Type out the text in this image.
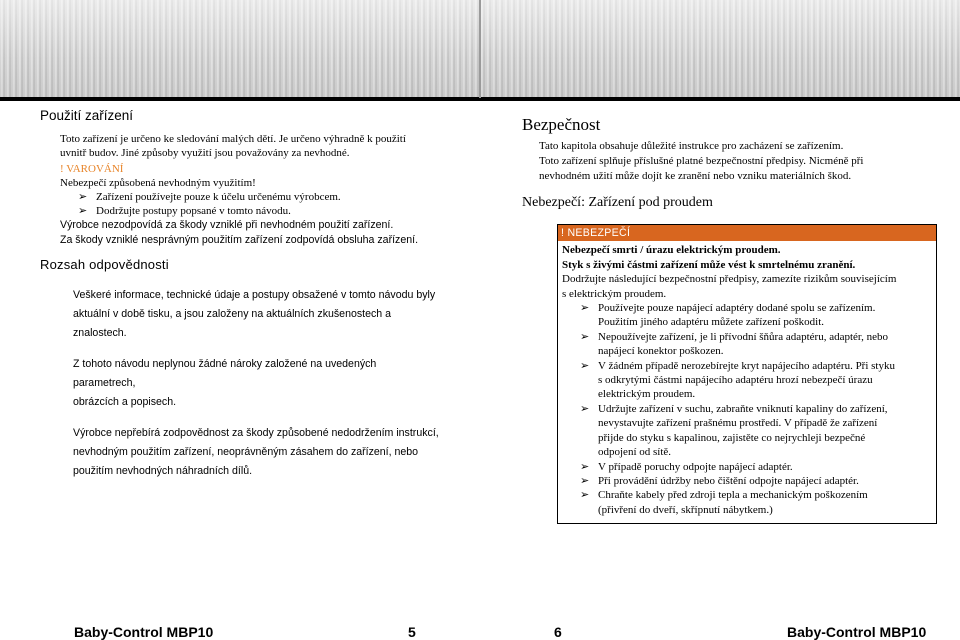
Použití zařízení
Toto zařízení je určeno ke sledování malých dětí. Je určeno výhradně k použití
uvnitř budov. Jiné způsoby využití jsou považovány za nevhodné.
! VAROVÁNÍ
Nebezpečí způsobená nevhodným využitím!
➢ Zařízení používejte pouze k účelu určenému výrobcem.
➢ Dodržujte postupy popsané v tomto návodu.
Výrobce nezodpovídá za škody vzniklé při nevhodném použití zařízení.
Za škody vzniklé nesprávným použitím zařízení zodpovídá obsluha zařízení.
Rozsah odpovědnosti
Veškeré informace, technické údaje a postupy obsažené v tomto návodu byly
aktuální v době tisku, a jsou založeny na aktuálních zkušenostech a znalostech.
Z tohoto návodu neplynou žádné nároky založené na uvedených parametrech,
obrázcích a popisech.
Výrobce nepřebírá zodpovědnost za škody způsobené nedodržením instrukcí,
nevhodným použitím zařízení, neoprávněným zásahem do zařízení, nebo
použitím nevhodných náhradních dílů.
Bezpečnost
Tato kapitola obsahuje důležité instrukce pro zacházení se zařízením.
Toto zařízení splňuje příslušné platné bezpečnostní předpisy. Nicméně při
nevhodném užití může dojít ke zranění nebo vzniku materiálních škod.
Nebezpečí: Zařízení pod proudem
! NEBEZPEČÍ
Nebezpečí smrti / úrazu elektrickým proudem.
Styk s živými částmi zařízení může vést k smrtelnému zranění.
Dodržujte následující bezpečnostní předpisy, zamezíte rizikům souvisejícím
s elektrickým proudem.
➢ Používejte pouze napájecí adaptéry dodané spolu se zařízením.
Použitím jiného adaptéru můžete zařízení poškodit.
➢ Nepoužívejte zařízení, je li přívodní šňůra adaptéru, adaptér, nebo
napájecí konektor poškozen.
➢ V žádném případě nerozebírejte kryt napájecího adaptéru. Při styku
s odkrytými částmi napájecího adaptéru hrozí nebezpečí úrazu
elektrickým proudem.
➢ Udržujte zařízení v suchu, zabraňte vniknutí kapaliny do zařízení,
nevystavujte zařízení prašnému prostředí. V případě že zařízení
přijde do styku s kapalinou, zajistěte co nejrychleji bezpečné
odpojení od sítě.
➢ V případě poruchy odpojte napájecí adaptér.
➢ Při provádění údržby nebo čištění odpojte napájecí adaptér.
➢ Chraňte kabely před zdroji tepla a mechanickým poškozením
(přivření do dveří, skřípnutí nábytkem.)
Baby-Control MBP10	5	6	Baby-Control MBP10
